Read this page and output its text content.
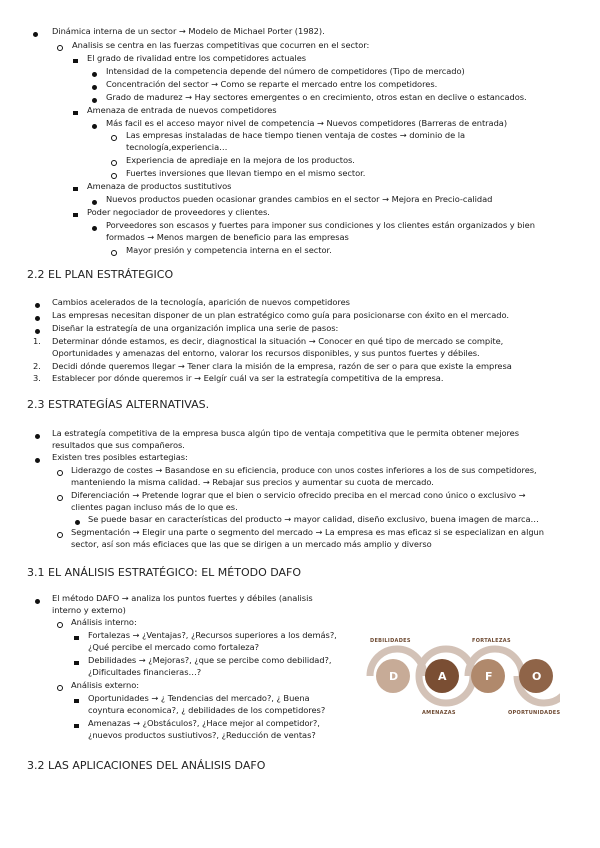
Dinámica interna de un sector → Modelo de Michael Porter (1982).
Analisis se centra en las fuerzas competitivas que cocurren en el sector:
El grado de rivalidad entre los competidores actuales
Intensidad de la competencia depende del número de competidores (Tipo de mercado)
Concentración del sector → Como se reparte el mercado entre los competidores.
Grado de madurez → Hay sectores emergentes o en crecimiento, otros estan en declive o estancados.
Amenaza de entrada de nuevos competidores
Más facil es el acceso mayor nivel de competencia → Nuevos competidores (Barreras de entrada)
Las empresas instaladas de hace tiempo tienen ventaja de costes → dominio de la
tecnología,experiencia…
Experiencia de aprediaje en la mejora de los productos.
Fuertes inversiones que llevan tiempo en el mismo sector.
Amenaza de productos sustitutivos
Nuevos productos pueden ocasionar grandes cambios en el sector → Mejora en Precio-calidad
Poder negociador de proveedores y clientes.
Porveedores son escasos y fuertes para imponer sus condiciones y los clientes están organizados y bien
formados → Menos margen de beneficio para las empresas
Mayor presión y competencia interna en el sector.
2.2 EL PLAN ESTRÁTEGICO
Cambios acelerados de la tecnología, aparición de nuevos competidores
Las empresas necesitan disponer de un plan estratégico como guía para posicionarse con éxito en el mercado.
Diseñar la estrategía de una organización implica una serie de pasos:
1. Determinar dónde estamos, es decir, diagnostical la situación → Conocer en qué tipo de mercado se compite,
Oportunidades y amenazas del entorno, valorar los recursos disponibles, y sus puntos fuertes y débiles.
2. Decidi dónde queremos llegar → Tener clara la misión de la empresa, razón de ser o para que existe la empresa
3. Establecer por dónde queremos ir → Eelgír cuál va ser la estrategía competitiva de la empresa.
2.3 ESTRATEGÍAS ALTERNATIVAS.
La estrategía competitiva de la empresa busca algún tipo de ventaja competitiva que le permita obtener mejores
resultados que sus compañeros.
Existen tres posibles estartegias:
Liderazgo de costes → Basandose en su eficiencia, produce con unos costes inferiores a los de sus competidores,
manteniendo la misma calidad. → Rebajar sus precios y aumentar su cuota de mercado.
Diferenciación → Pretende lograr que el bien o servicio ofrecido preciba en el mercad cono único o exclusivo →
clientes pagan incluso más de lo que es.
Se puede basar en características del producto → mayor calidad, diseño exclusivo, buena imagen de marca…
Segmentación → Elegir una parte o segmento del mercado → La empresa es mas eficaz si se especializan en algun
sector, así son más eficiaces que las que se dirigen a un mercado más amplio y diverso
3.1 EL ANÁLISIS ESTRATÉGICO: EL MÉTODO DAFO
El método DAFO → analiza los puntos fuertes y débiles (analisis
interno y externo)
Análisis interno:
Fortalezas → ¿Ventajas?, ¿Recursos superiores a los demás?,
¿Qué percibe el mercado como fortaleza?
Debilidades → ¿Mejoras?, ¿que se percibe como debilidad?,
¿Dificultades financieras…?
Análisis externo:
Oportunidades → ¿ Tendencias del mercado?, ¿ Buena
coyntura economica?, ¿ debilidades de los competidores?
Amenazas → ¿Obstáculos?, ¿Hace mejor al competidor?,
¿nuevos productos sustiutivos?, ¿Reducción de ventas?
DEBILIDADES	FORTALEZAS
D	A	F	O
AMENAZAS	OPORTUNIDADES
3.2 LAS APLICACIONES DEL ANÁLISIS DAFO
